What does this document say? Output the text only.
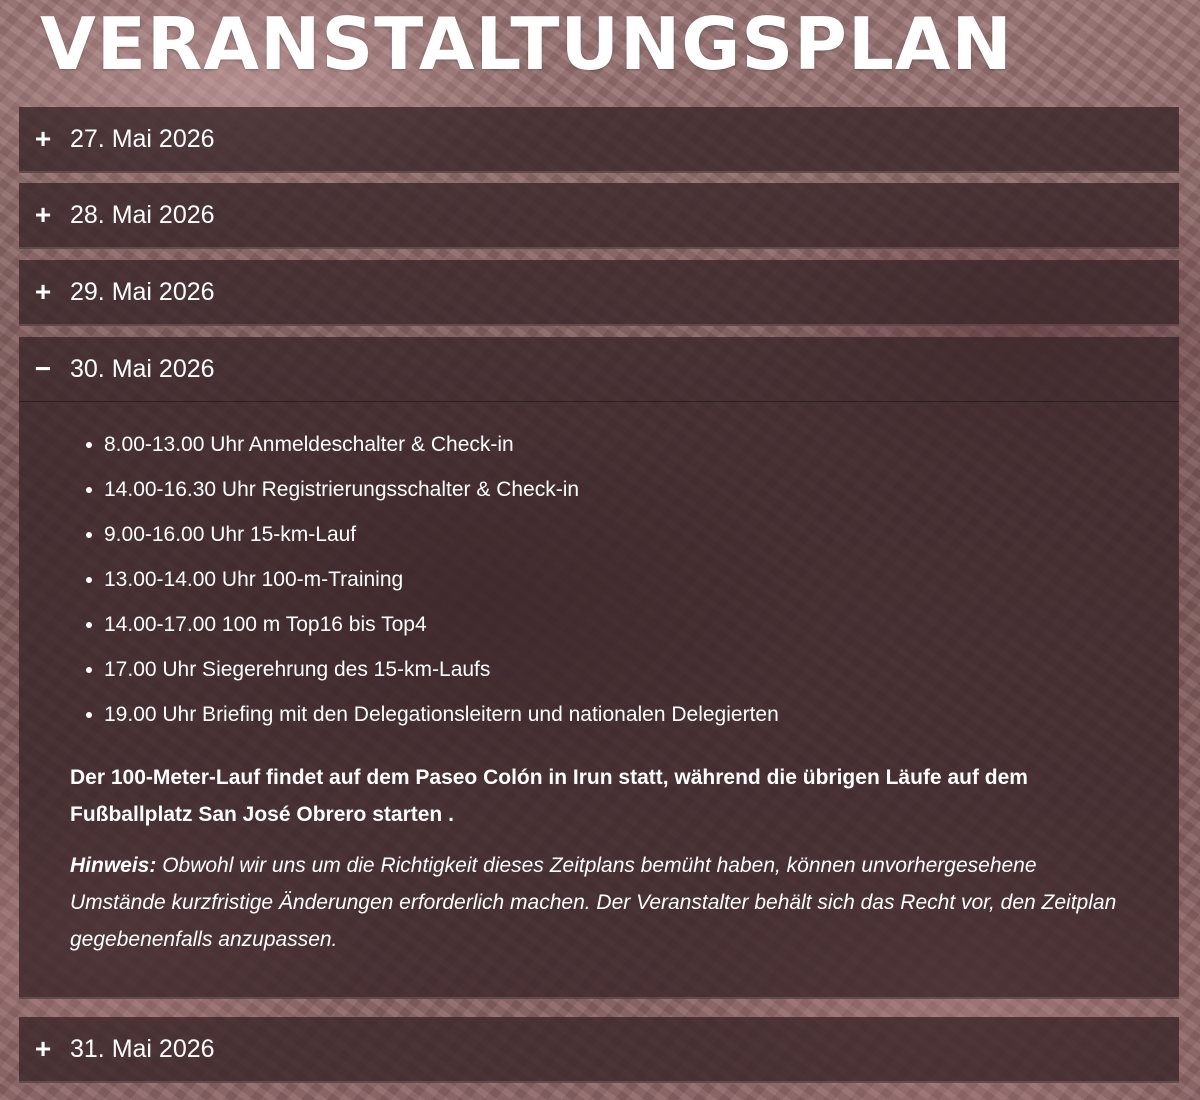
VERANSTALTUNGSPLAN
+ 27. Mai 2026
+ 28. Mai 2026
+ 29. Mai 2026
− 30. Mai 2026
8.00-13.00 Uhr Anmeldeschalter & Check-in
14.00-16.30 Uhr Registrierungsschalter & Check-in
9.00-16.00 Uhr 15-km-Lauf
13.00-14.00 Uhr 100-m-Training
14.00-17.00 100 m Top16 bis Top4
17.00 Uhr Siegerehrung des 15-km-Laufs
19.00 Uhr Briefing mit den Delegationsleitern und nationalen Delegierten

Der 100-Meter-Lauf findet auf dem Paseo Colón in Irun statt, während die übrigen Läufe auf dem Fußballplatz San José Obrero starten .

Hinweis: Obwohl wir uns um die Richtigkeit dieses Zeitplans bemüht haben, können unvorhergesehene Umstände kurzfristige Änderungen erforderlich machen. Der Veranstalter behält sich das Recht vor, den Zeitplan gegebenenfalls anzupassen.

+ 31. Mai 2026
